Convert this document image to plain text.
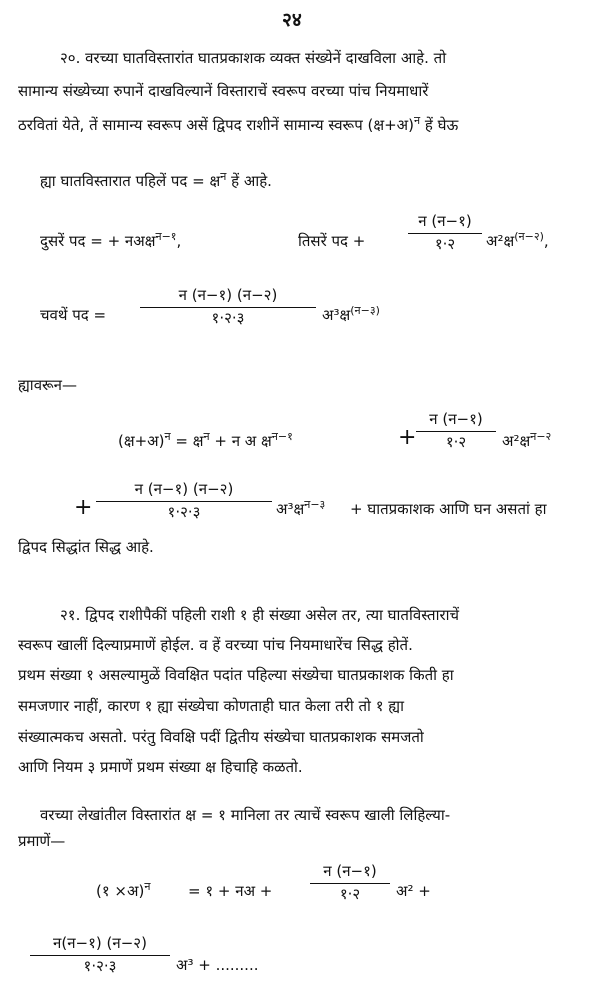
२४
२०. वरच्या घातविस्तारांत घातप्रकाशक व्यक्त संख्येनें दाखविला आहे. तो
सामान्य संख्येच्या रुपानें दाखविल्यानें विस्ताराचें स्वरूप वरच्या पांच नियमाधारें
ठरवितां येते, तें सामान्य स्वरूप असें द्विपद राशीनें सामान्य स्वरूप (क्ष+अ)$^न$ हें घेऊ
ह्या घातविस्तारात पहिलें पद = क्ष$^न$ हें आहे.
दुसरें पद = + नअक्ष$^{न-१}$,	तिसरें पद +
न (न−१)
१·२	अ²क्ष$^{(न-२)}$,
चवथें पद =
न (न−१) (न−२)
१·२·३	अ³क्ष$^{(न-३)}$
ह्यावरून—
(क्ष+अ)$^न$ = क्ष$^न$ + न अ क्ष$^{न-१}$	+
न (न−१)
१·२	अ²क्ष$^{न-२}$
+
न (न−१) (न−२)
१·२·३	अ³क्ष$^{न-३}$ + घातप्रकाशक आणि घन असतां हा
द्विपद सिद्धांत सिद्ध आहे.
२१. द्विपद राशीपैकीं पहिली राशी १ ही संख्या असेल तर, त्या घातविस्ताराचें
स्वरूप खालीं दिल्याप्रमाणें होईल. व हें वरच्या पांच नियमाधारेंच सिद्ध होतें.
प्रथम संख्या १ असल्यामुळें विवक्षित पदांत पहिल्या संख्येचा घातप्रकाशक किती हा
समजणार नाहीं, कारण १ ह्या संख्येचा कोणताही घात केला तरी तो १ ह्या
संख्यात्मकच असतो. परंतु विवक्षि पदीं द्वितीय संख्येचा घातप्रकाशक समजतो
आणि नियम ३ प्रमाणें प्रथम संख्या क्ष हिचाहि कळतो.
वरच्या लेखांतील विस्तारांत क्ष = १ मानिला तर त्याचें स्वरूप खाली लिहिल्या-
प्रमाणें—
(१ ×अ)$^न$	= १ + नअ +
न (न−१)
१·२	अ² +
न(न−१) (न−२)
१·२·३	अ³ + .........
